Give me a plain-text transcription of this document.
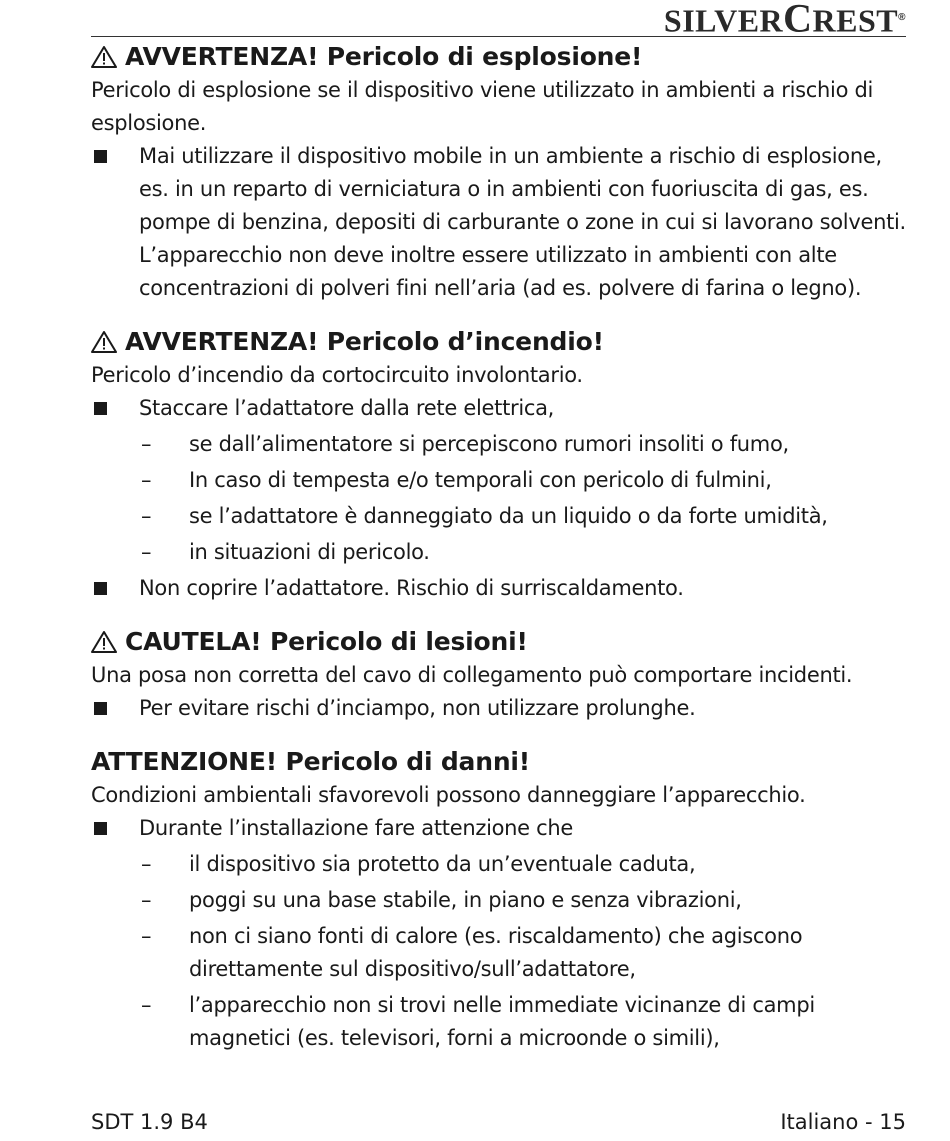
SILVERCREST®
AVVERTENZA! Pericolo di esplosione!

Pericolo di esplosione se il dispositivo viene utilizzato in ambienti a rischio di esplosione.

Mai utilizzare il dispositivo mobile in un ambiente a rischio di esplosione, es. in un reparto di verniciatura o in ambienti con fuoriuscita di gas, es. pompe di benzina, depositi di carburante o zone in cui si lavorano solventi. L’apparecchio non deve inoltre essere utilizzato in ambienti con alte concentrazioni di polveri fini nell’aria (ad es. polvere di farina o legno).
AVVERTENZA! Pericolo d’incendio!

Pericolo d’incendio da cortocircuito involontario.

Staccare l’adattatore dalla rete elettrica,
– se dall’alimentatore si percepiscono rumori insoliti o fumo,
– In caso di tempesta e/o temporali con pericolo di fulmini,
– se l’adattatore è danneggiato da un liquido o da forte umidità,
– in situazioni di pericolo.
Non coprire l’adattatore. Rischio di surriscaldamento.
CAUTELA! Pericolo di lesioni!

Una posa non corretta del cavo di collegamento può comportare incidenti.

Per evitare rischi d’inciampo, non utilizzare prolunghe.
ATTENZIONE! Pericolo di danni!

Condizioni ambientali sfavorevoli possono danneggiare l’apparecchio.

Durante l’installazione fare attenzione che
– il dispositivo sia protetto da un’eventuale caduta,
– poggi su una base stabile, in piano e senza vibrazioni,
– non ci siano fonti di calore (es. riscaldamento) che agiscono direttamente sul dispositivo/sull’adattatore,
– l’apparecchio non si trovi nelle immediate vicinanze di campi magnetici (es. televisori, forni a microonde o simili),
SDT 1.9 B4	Italiano - 15
